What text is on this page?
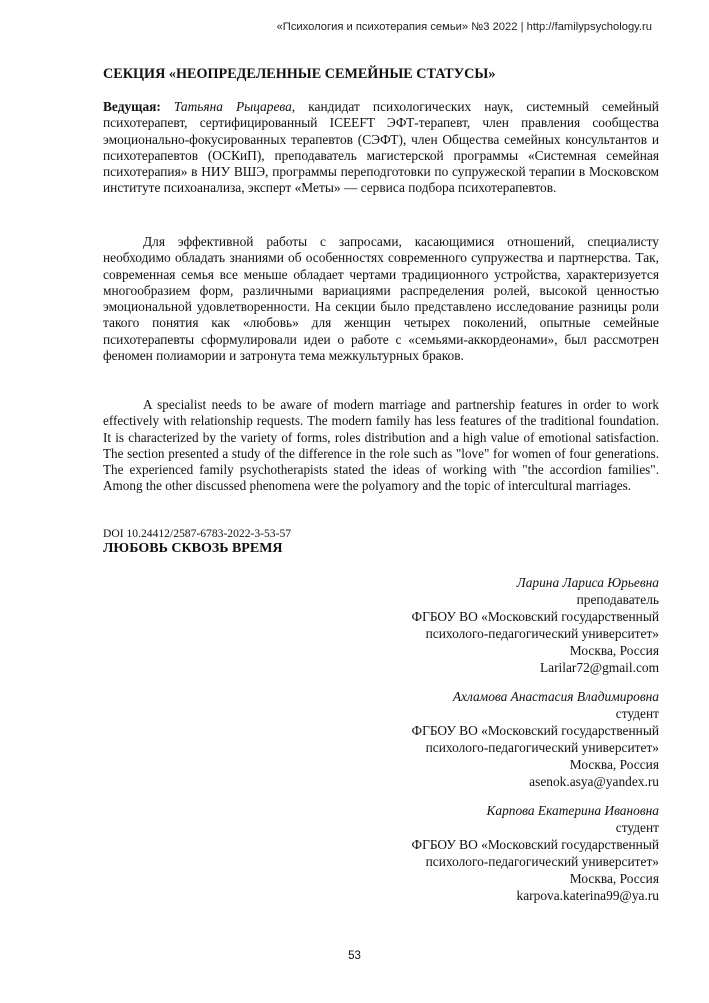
«Психология и психотерапия семьи» №3 2022 | http://familypsychology.ru
СЕКЦИЯ «НЕОПРЕДЕЛЕННЫЕ СЕМЕЙНЫЕ СТАТУСЫ»

Ведущая: Татьяна Рыцарева, кандидат психологических наук, системный семейный психотерапевт, сертифицированный ICEEFT ЭФТ-терапевт, член правления сообщества эмоционально-фокусированных терапевтов (СЭФТ), член Общества семейных консультантов и психотерапевтов (ОСКиП), преподаватель магистерской программы «Системная семейная психотерапия» в НИУ ВШЭ, программы переподготовки по супружеской терапии в Московском институте психоанализа, эксперт «Меты» — сервиса подбора психотерапевтов.

Для эффективной работы с запросами, касающимися отношений, специалисту необходимо обладать знаниями об особенностях современного супружества и партнерства. Так, современная семья все меньше обладает чертами традиционного устройства, характеризуется многообразием форм, различными вариациями распределения ролей, высокой ценностью эмоциональной удовлетворенности. На секции было представлено исследование разницы роли такого понятия как «любовь» для женщин четырех поколений, опытные семейные психотерапевты сформулировали идеи о работе с «семьями-аккордеонами», был рассмотрен феномен полиамории и затронута тема межкультурных браков.

A specialist needs to be aware of modern marriage and partnership features in order to work effectively with relationship requests. The modern family has less features of the traditional foundation. It is characterized by the variety of forms, roles distribution and a high value of emotional satisfaction. The section presented a study of the difference in the role such as "love" for women of four generations. The experienced family psychotherapists stated the ideas of working with "the accordion families". Among the other discussed phenomena were the polyamory and the topic of intercultural marriages.

DOI 10.24412/2587-6783-2022-3-53-57
ЛЮБОВЬ СКВОЗЬ ВРЕМЯ
Ларина Лариса Юрьевна
преподаватель
ФГБОУ ВО «Московский государственный
психолого-педагогический университет»
Москва, Россия
Larilar72@gmail.com
Ахламова Анастасия Владимировна
студент
ФГБОУ ВО «Московский государственный
психолого-педагогический университет»
Москва, Россия
asenok.asya@yandex.ru
Карпова Екатерина Ивановна
студент
ФГБОУ ВО «Московский государственный
психолого-педагогический университет»
Москва, Россия
karpova.katerina99@ya.ru
53
